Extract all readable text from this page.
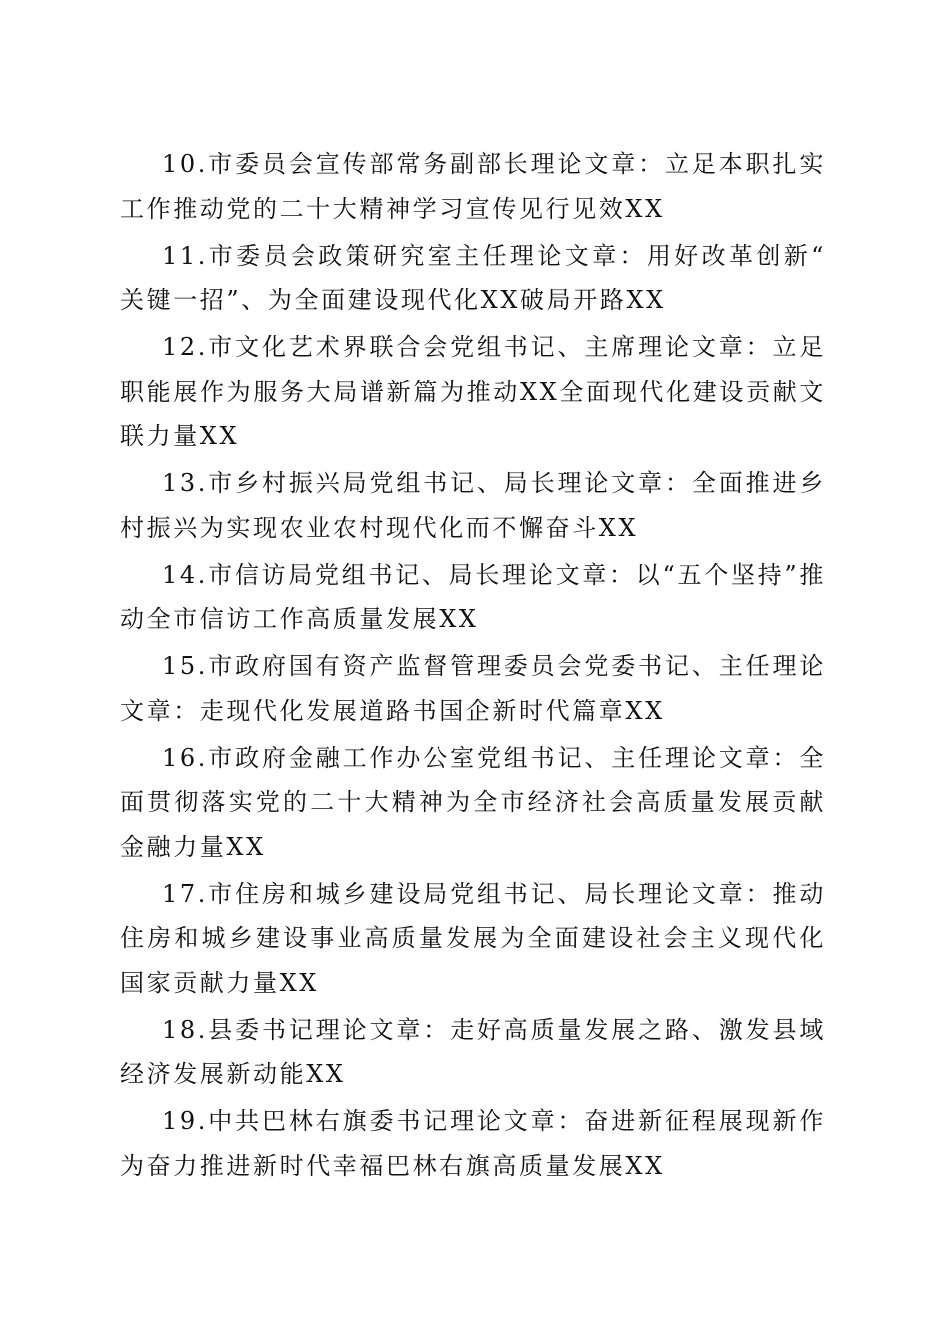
10.市委员会宣传部常务副部长理论文章：立足本职扎实工作推动党的二十大精神学习宣传见行见效XX

11.市委员会政策研究室主任理论文章：用好改革创新“关键一招”、为全面建设现代化XX破局开路XX

12.市文化艺术界联合会党组书记、主席理论文章：立足职能展作为服务大局谱新篇为推动XX全面现代化建设贡献文联力量XX

13.市乡村振兴局党组书记、局长理论文章：全面推进乡村振兴为实现农业农村现代化而不懈奋斗XX

14.市信访局党组书记、局长理论文章：以“五个坚持”推动全市信访工作高质量发展XX

15.市政府国有资产监督管理委员会党委书记、主任理论文章：走现代化发展道路书国企新时代篇章XX

16.市政府金融工作办公室党组书记、主任理论文章：全面贯彻落实党的二十大精神为全市经济社会高质量发展贡献金融力量XX

17.市住房和城乡建设局党组书记、局长理论文章：推动住房和城乡建设事业高质量发展为全面建设社会主义现代化国家贡献力量XX

18.县委书记理论文章：走好高质量发展之路、激发县域经济发展新动能XX

19.中共巴林右旗委书记理论文章：奋进新征程展现新作为奋力推进新时代幸福巴林右旗高质量发展XX
